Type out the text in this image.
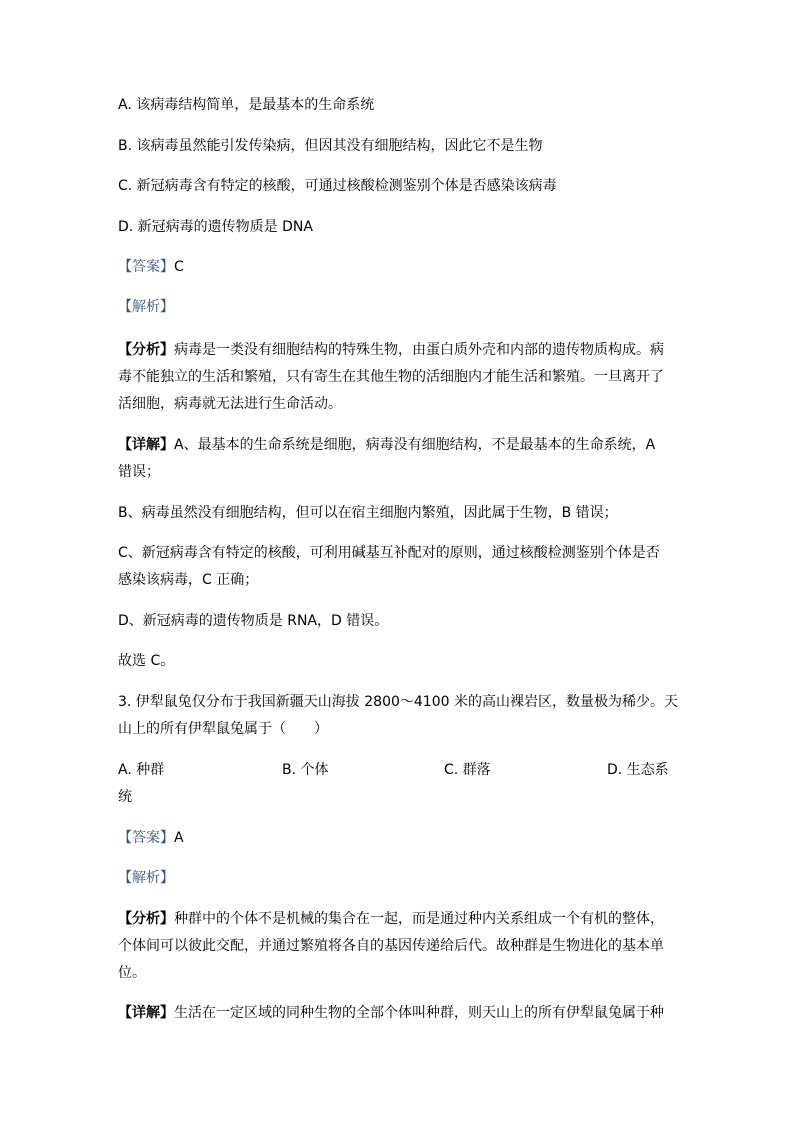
A. 该病毒结构简单，是最基本的生命系统
B. 该病毒虽然能引发传染病，但因其没有细胞结构，因此它不是生物
C. 新冠病毒含有特定的核酸，可通过核酸检测鉴别个体是否感染该病毒
D. 新冠病毒的遗传物质是 DNA
【答案】C
【解析】
【分析】病毒是一类没有细胞结构的特殊生物，由蛋白质外壳和内部的遗传物质构成。病
毒不能独立的生活和繁殖，只有寄生在其他生物的活细胞内才能生活和繁殖。一旦离开了
活细胞，病毒就无法进行生命活动。
【详解】A、最基本的生命系统是细胞，病毒没有细胞结构，不是最基本的生命系统，A
错误；
B、病毒虽然没有细胞结构，但可以在宿主细胞内繁殖，因此属于生物，B 错误；
C、新冠病毒含有特定的核酸，可利用碱基互补配对的原则，通过核酸检测鉴别个体是否
感染该病毒，C 正确；
D、新冠病毒的遗传物质是 RNA，D 错误。
故选 C。
3. 伊犁鼠兔仅分布于我国新疆天山海拔 2800～4100 米的高山裸岩区，数量极为稀少。天
山上的所有伊犁鼠兔属于（　　）
A. 种群	B. 个体	C. 群落	D. 生态系
统
【答案】A
【解析】
【分析】种群中的个体不是机械的集合在一起，而是通过种内关系组成一个有机的整体，
个体间可以彼此交配，并通过繁殖将各自的基因传递给后代。故种群是生物进化的基本单
位。
【详解】生活在一定区域的同种生物的全部个体叫种群，则天山上的所有伊犁鼠兔属于种
